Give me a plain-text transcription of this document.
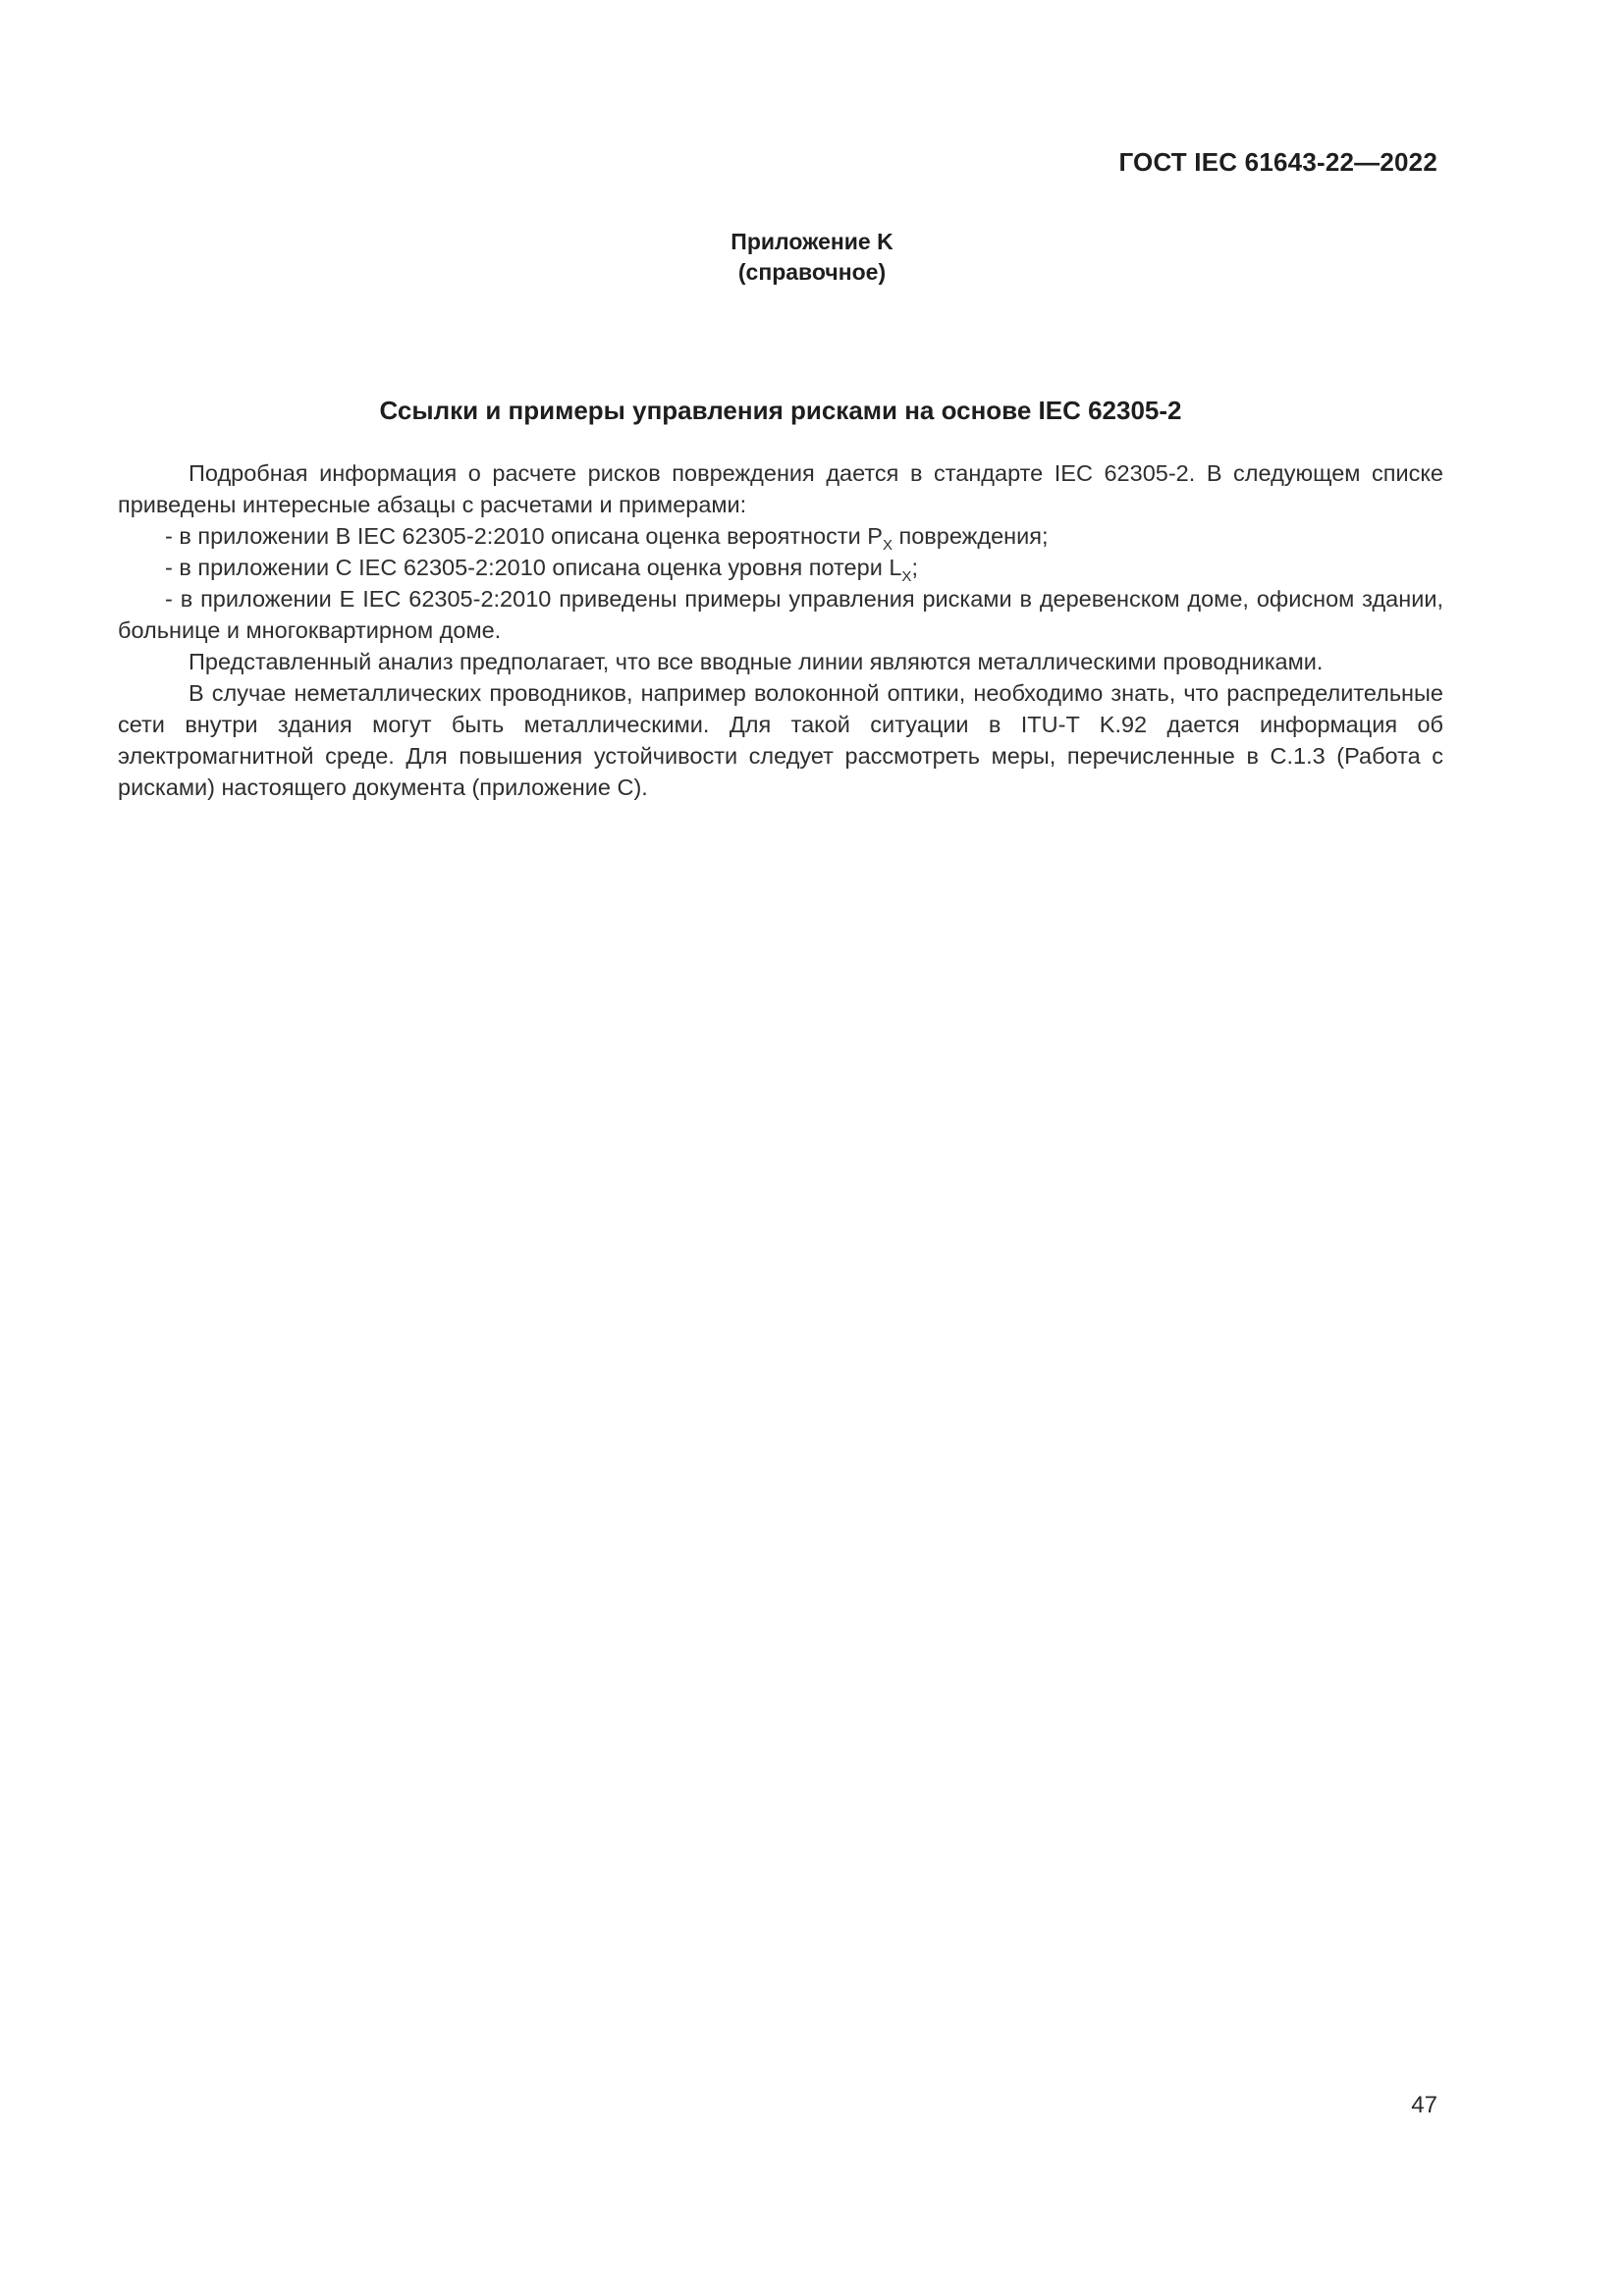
ГОСТ IEC 61643-22—2022
Приложение K
(справочное)
Ссылки и примеры управления рисками на основе IEC 62305-2

Подробная информация о расчете рисков повреждения дается в стандарте IEC 62305-2. В следующем списке приведены интересные абзацы с расчетами и примерами:

- в приложении B IEC 62305-2:2010 описана оценка вероятности $P_X$ повреждения;

- в приложении C IEC 62305-2:2010 описана оценка уровня потери $L_X$;

- в приложении E IEC 62305-2:2010 приведены примеры управления рисками в деревенском доме, офисном здании, больнице и многоквартирном доме.

Представленный анализ предполагает, что все вводные линии являются металлическими проводниками.

В случае неметаллических проводников, например волоконной оптики, необходимо знать, что распределительные сети внутри здания могут быть металлическими. Для такой ситуации в ITU-T K.92 дается информация об электромагнитной среде. Для повышения устойчивости следует рассмотреть меры, перечисленные в C.1.3 (Работа с рисками) настоящего документа (приложение C).

47
